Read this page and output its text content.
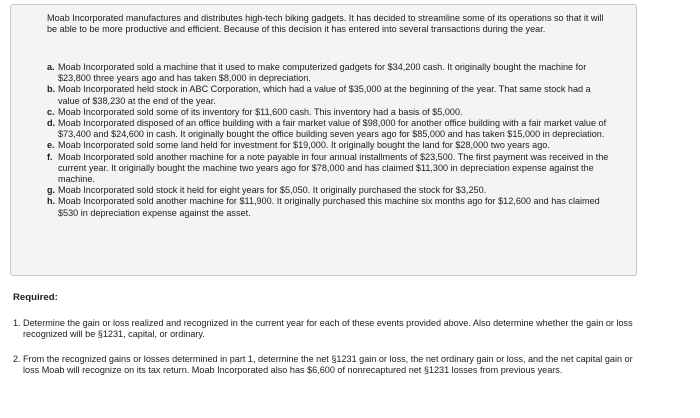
Moab Incorporated manufactures and distributes high-tech biking gadgets. It has decided to streamline some of its operations so that it will be able to be more productive and efficient. Because of this decision it has entered into several transactions during the year.

a. Moab Incorporated sold a machine that it used to make computerized gadgets for $34,200 cash. It originally bought the machine for $23,800 three years ago and has taken $8,000 in depreciation.
b. Moab Incorporated held stock in ABC Corporation, which had a value of $35,000 at the beginning of the year. That same stock had a value of $38,230 at the end of the year.
c. Moab Incorporated sold some of its inventory for $11,600 cash. This inventory had a basis of $5,000.
d. Moab Incorporated disposed of an office building with a fair market value of $98,000 for another office building with a fair market value of $73,400 and $24,600 in cash. It originally bought the office building seven years ago for $85,000 and has taken $15,000 in depreciation.
e. Moab Incorporated sold some land held for investment for $19,000. It originally bought the land for $28,000 two years ago.
f. Moab Incorporated sold another machine for a note payable in four annual installments of $23,500. The first payment was received in the current year. It originally bought the machine two years ago for $78,000 and has claimed $11,300 in depreciation expense against the machine.
g. Moab Incorporated sold stock it held for eight years for $5,050. It originally purchased the stock for $3,250.
h. Moab Incorporated sold another machine for $11,900. It originally purchased this machine six months ago for $12,600 and has claimed $530 in depreciation expense against the asset.
Required:
1. Determine the gain or loss realized and recognized in the current year for each of these events provided above. Also determine whether the gain or loss recognized will be §1231, capital, or ordinary.
2. From the recognized gains or losses determined in part 1, determine the net §1231 gain or loss, the net ordinary gain or loss, and the net capital gain or loss Moab will recognize on its tax return. Moab Incorporated also has $6,600 of nonrecaptured net §1231 losses from previous years.
